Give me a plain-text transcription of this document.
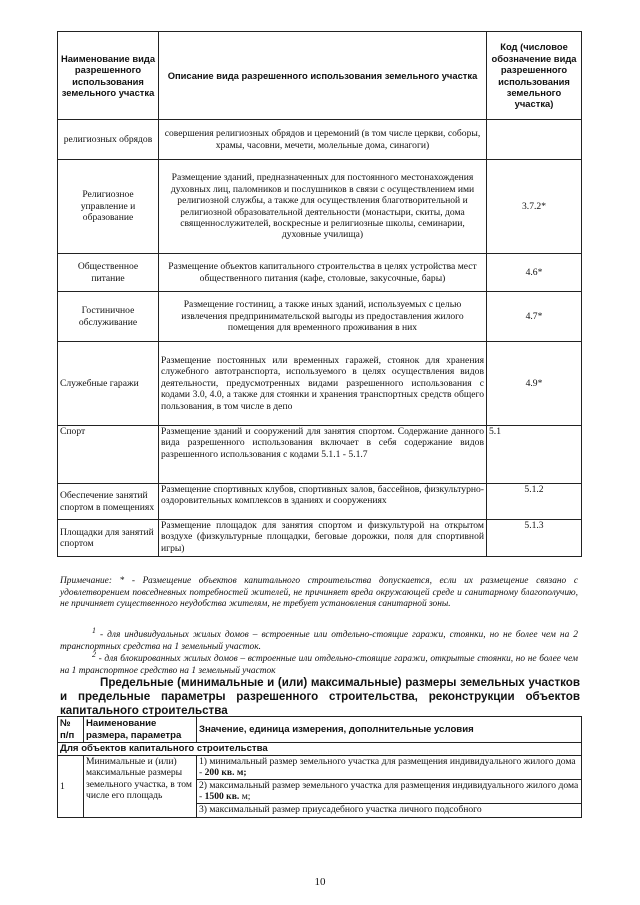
Наименование вида разрешенного использования земельного участка	Описание вида разрешенного использования земельного участка	Код (числовое обозначение вида разрешенного использования земельного участка)
религиозных обрядов	совершения религиозных обрядов и церемоний (в том числе церкви, соборы, храмы, часовни, мечети, молельные дома, синагоги)	
Религиозное управление и образование	Размещение зданий, предназначенных для постоянного местонахождения духовных лиц, паломников и послушников в связи с осуществлением ими религиозной службы, а также для осуществления благотворительной и религиозной образовательной деятельности (монастыри, скиты, дома священнослужителей, воскресные и религиозные школы, семинарии, духовные училища)	3.7.2*
Общественное питание	Размещение объектов капитального строительства в целях устройства мест общественного питания (кафе, столовые, закусочные, бары)	4.6*
Гостиничное обслуживание	Размещение гостиниц, а также иных зданий, используемых с целью извлечения предпринимательской выгоды из предоставления жилого помещения для временного проживания в них	4.7*
Служебные гаражи	Размещение постоянных или временных гаражей, стоянок для хранения служебного автотранспорта, используемого в целях осуществления видов деятельности, предусмотренных видами разрешенного использования с кодами 3.0, 4.0, а также для стоянки и хранения транспортных средств общего пользования, в том числе в депо	4.9*
Спорт	Размещение зданий и сооружений для занятия спортом. Содержание данного вида разрешенного использования включает в себя содержание видов разрешенного использования с кодами 5.1.1 - 5.1.7	5.1
Обеспечение занятий спортом в помещениях	Размещение спортивных клубов, спортивных залов, бассейнов, физкультурно-оздоровительных комплексов в зданиях и сооружениях	5.1.2
Площадки для занятий спортом	Размещение площадок для занятия спортом и физкультурой на открытом воздухе (физкультурные площадки, беговые дорожки, поля для спортивной игры)	5.1.3
Примечание: * - Размещение объектов капитального строительства допускается, если их размещение связано с удовлетворением повседневных потребностей жителей, не причиняет вреда окружающей среде и санитарному благополучию, не причиняет существенного неудобства жителям, не требует установления санитарной зоны.
$^1$ - для индивидуальных жилых домов – встроенные или отдельно-стоящие гаражи, стоянки, но не более чем на 2 транспортных средства на 1 земельный участок.
$^2$ - для блокированных жилых домов – встроенные или отдельно-стоящие гаражи, открытые стоянки, но не более чем на 1 транспортное средство на 1 земельный участок
Предельные (минимальные и (или) максимальные) размеры земельных участков и предельные параметры разрешенного строительства, реконструкции объектов
капитального строительства
№ п/п	Наименование размера, параметра	Значение, единица измерения, дополнительные условия
Для объектов капитального строительства		
1	Минимальные и (или) максимальные размеры земельного участка, в том числе его площадь	1) минимальный размер земельного участка для размещения индивидуального жилого дома - 200 кв. м;
2) максимальный размер земельного участка для размещения индивидуального жилого дома - 1500 кв. м;
3) максимальный размер приусадебного участка личного подсобного
10
